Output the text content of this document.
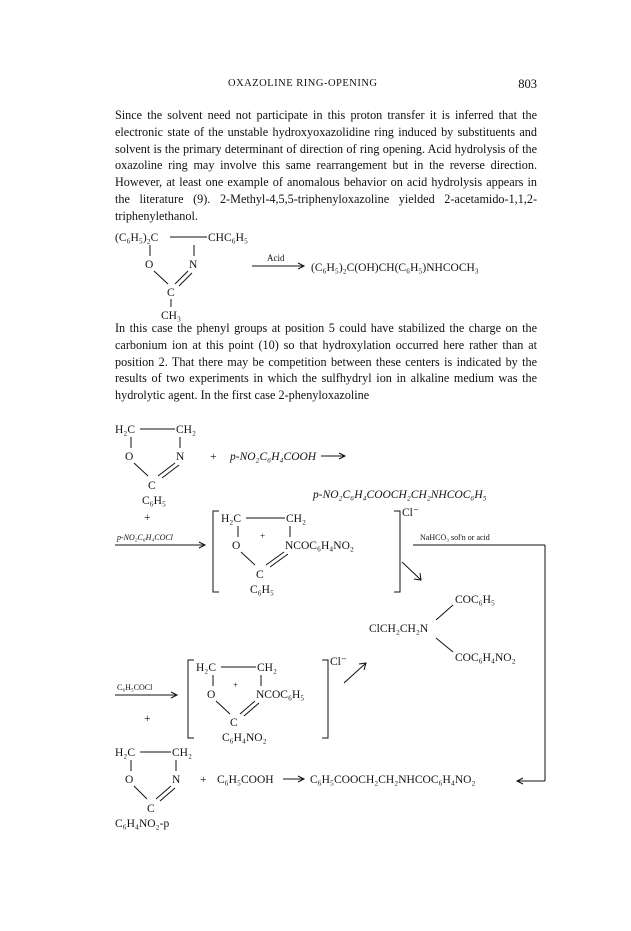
OXAZOLINE RING-OPENING	803

Since the solvent need not participate in this proton transfer it is inferred that the electronic state of the unstable hydroxyoxazolidine ring induced by substituents and solvent is the primary determinant of direction of ring opening. Acid hydrolysis of the oxazoline ring may involve this same rearrangement but in the reverse direction. However, at least one example of anomalous behavior on acid hydrolysis appears in the literature (9). 2-Methyl-4,5,5-triphenyloxazoline yielded 2-acetamido-1,1,2-triphenylethanol.

In this case the phenyl groups at position 5 could have stabilized the charge on the carbonium ion at this point (10) so that hydroxylation occurred here rather than at position 2. That there may be competition between these centers is indicated by the results of two experiments in which the sulfhydryl ion in alkaline medium was the hydrolytic agent. In the first case 2-phenyloxazoline

(C₆H₅)₂C	CHC₆H₅
O	N
C
CH₃
Acid
(C₆H₅)₂C(OH)CH(C₆H₅)NHCOCH₃
H₂C	CH₂
O	N
C
C₆H₅
+ p-NO₂C₆H₄COOH
p-NO₂C₆H₄COOCH₂CH₂NHCOC₆H₅
+
p-NO₂C₆H₄COCl
H₂C	CH₂
O
+
NCOC₆H₄NO₂
C
C₆H₅
Cl⁻
NaHCO₃ sol'n or acid
COC₆H₅
ClCH₂CH₂N
COC₆H₄NO₂
C₆H₅COCl
+
H₂C	CH₂
O
+
NCOC₆H₅
C
C₆H₄NO₂
Cl⁻
H₂C	CH₂
O	N
C
C₆H₄NO₂-p
+ C₆H₅COOH	C₆H₅COOCH₂CH₂NHCOC₆H₄NO₂
